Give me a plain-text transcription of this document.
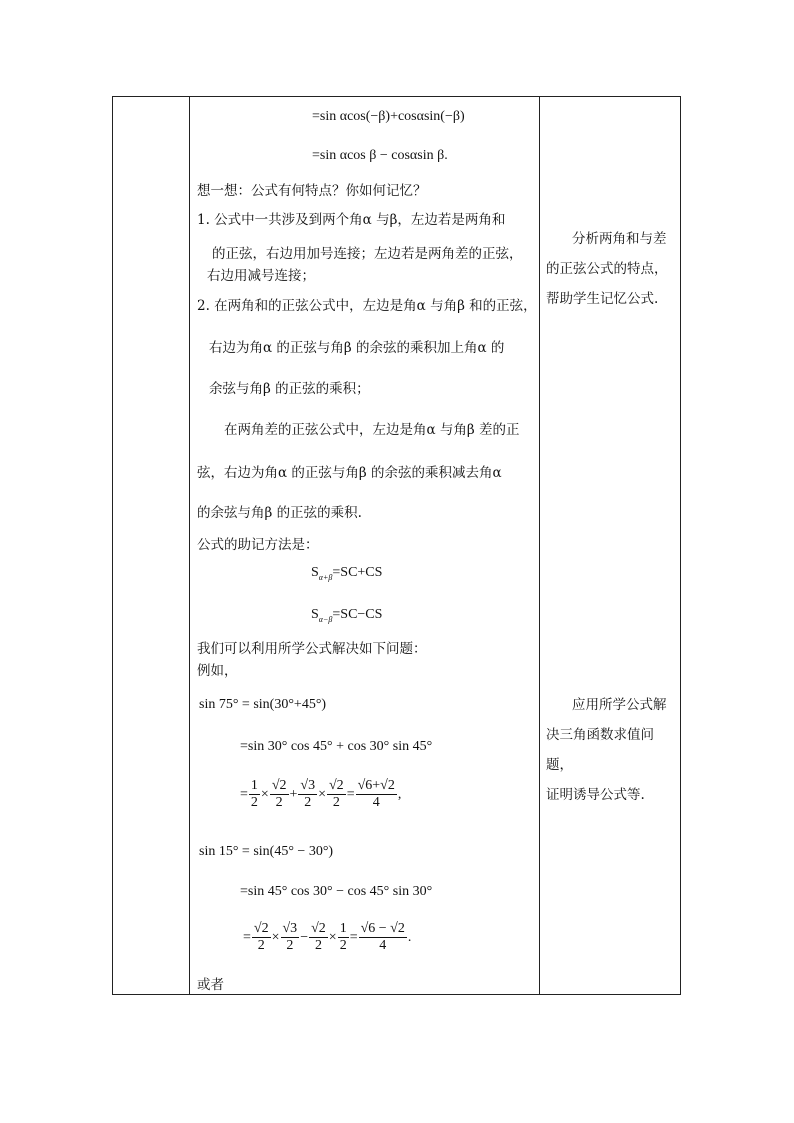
=sin αcos(−β)+cosαsin(−β)
=sin αcos β − cosαsin β.
想一想：公式有何特点？你如何记忆？
1. 公式中一共涉及到两个角α 与β，左边若是两角和
的正弦，右边用加号连接；左边若是两角差的正弦，
右边用减号连接；
2. 在两角和的正弦公式中，左边是角α 与角β 和的正弦，
右边为角α 的正弦与角β 的余弦的乘积加上角α 的
余弦与角β 的正弦的乘积；
在两角差的正弦公式中，左边是角α 与角β 差的正
弦，右边为角α 的正弦与角β 的余弦的乘积减去角α
的余弦与角β 的正弦的乘积.
公式的助记方法是：
$S_{\alpha+\beta}=SC+CS$
$S_{\alpha-\beta}=SC-CS$
我们可以利用所学公式解决如下问题：
例如，
sin 75° = sin(30°+45°)
=sin 30° cos 45° + cos 30° sin 45°
= $\frac{1}{2} \times \frac{√2}{2} + \frac{√3}{2} \times \frac{√2}{2} = \frac{√6+√2}{4}$ ,
sin 15° = sin(45° − 30°)
=sin 45° cos 30° − cos 45° sin 30°
= $\frac{√2}{2} \times \frac{√3}{2} - \frac{√2}{2} \times \frac{1}{2} = \frac{√6 - √2}{4}$ .
或者
分析两角和与差
的正弦公式的特点，
帮助学生记忆公式.
应用所学公式解
决三角函数求值问题，
证明诱导公式等.
